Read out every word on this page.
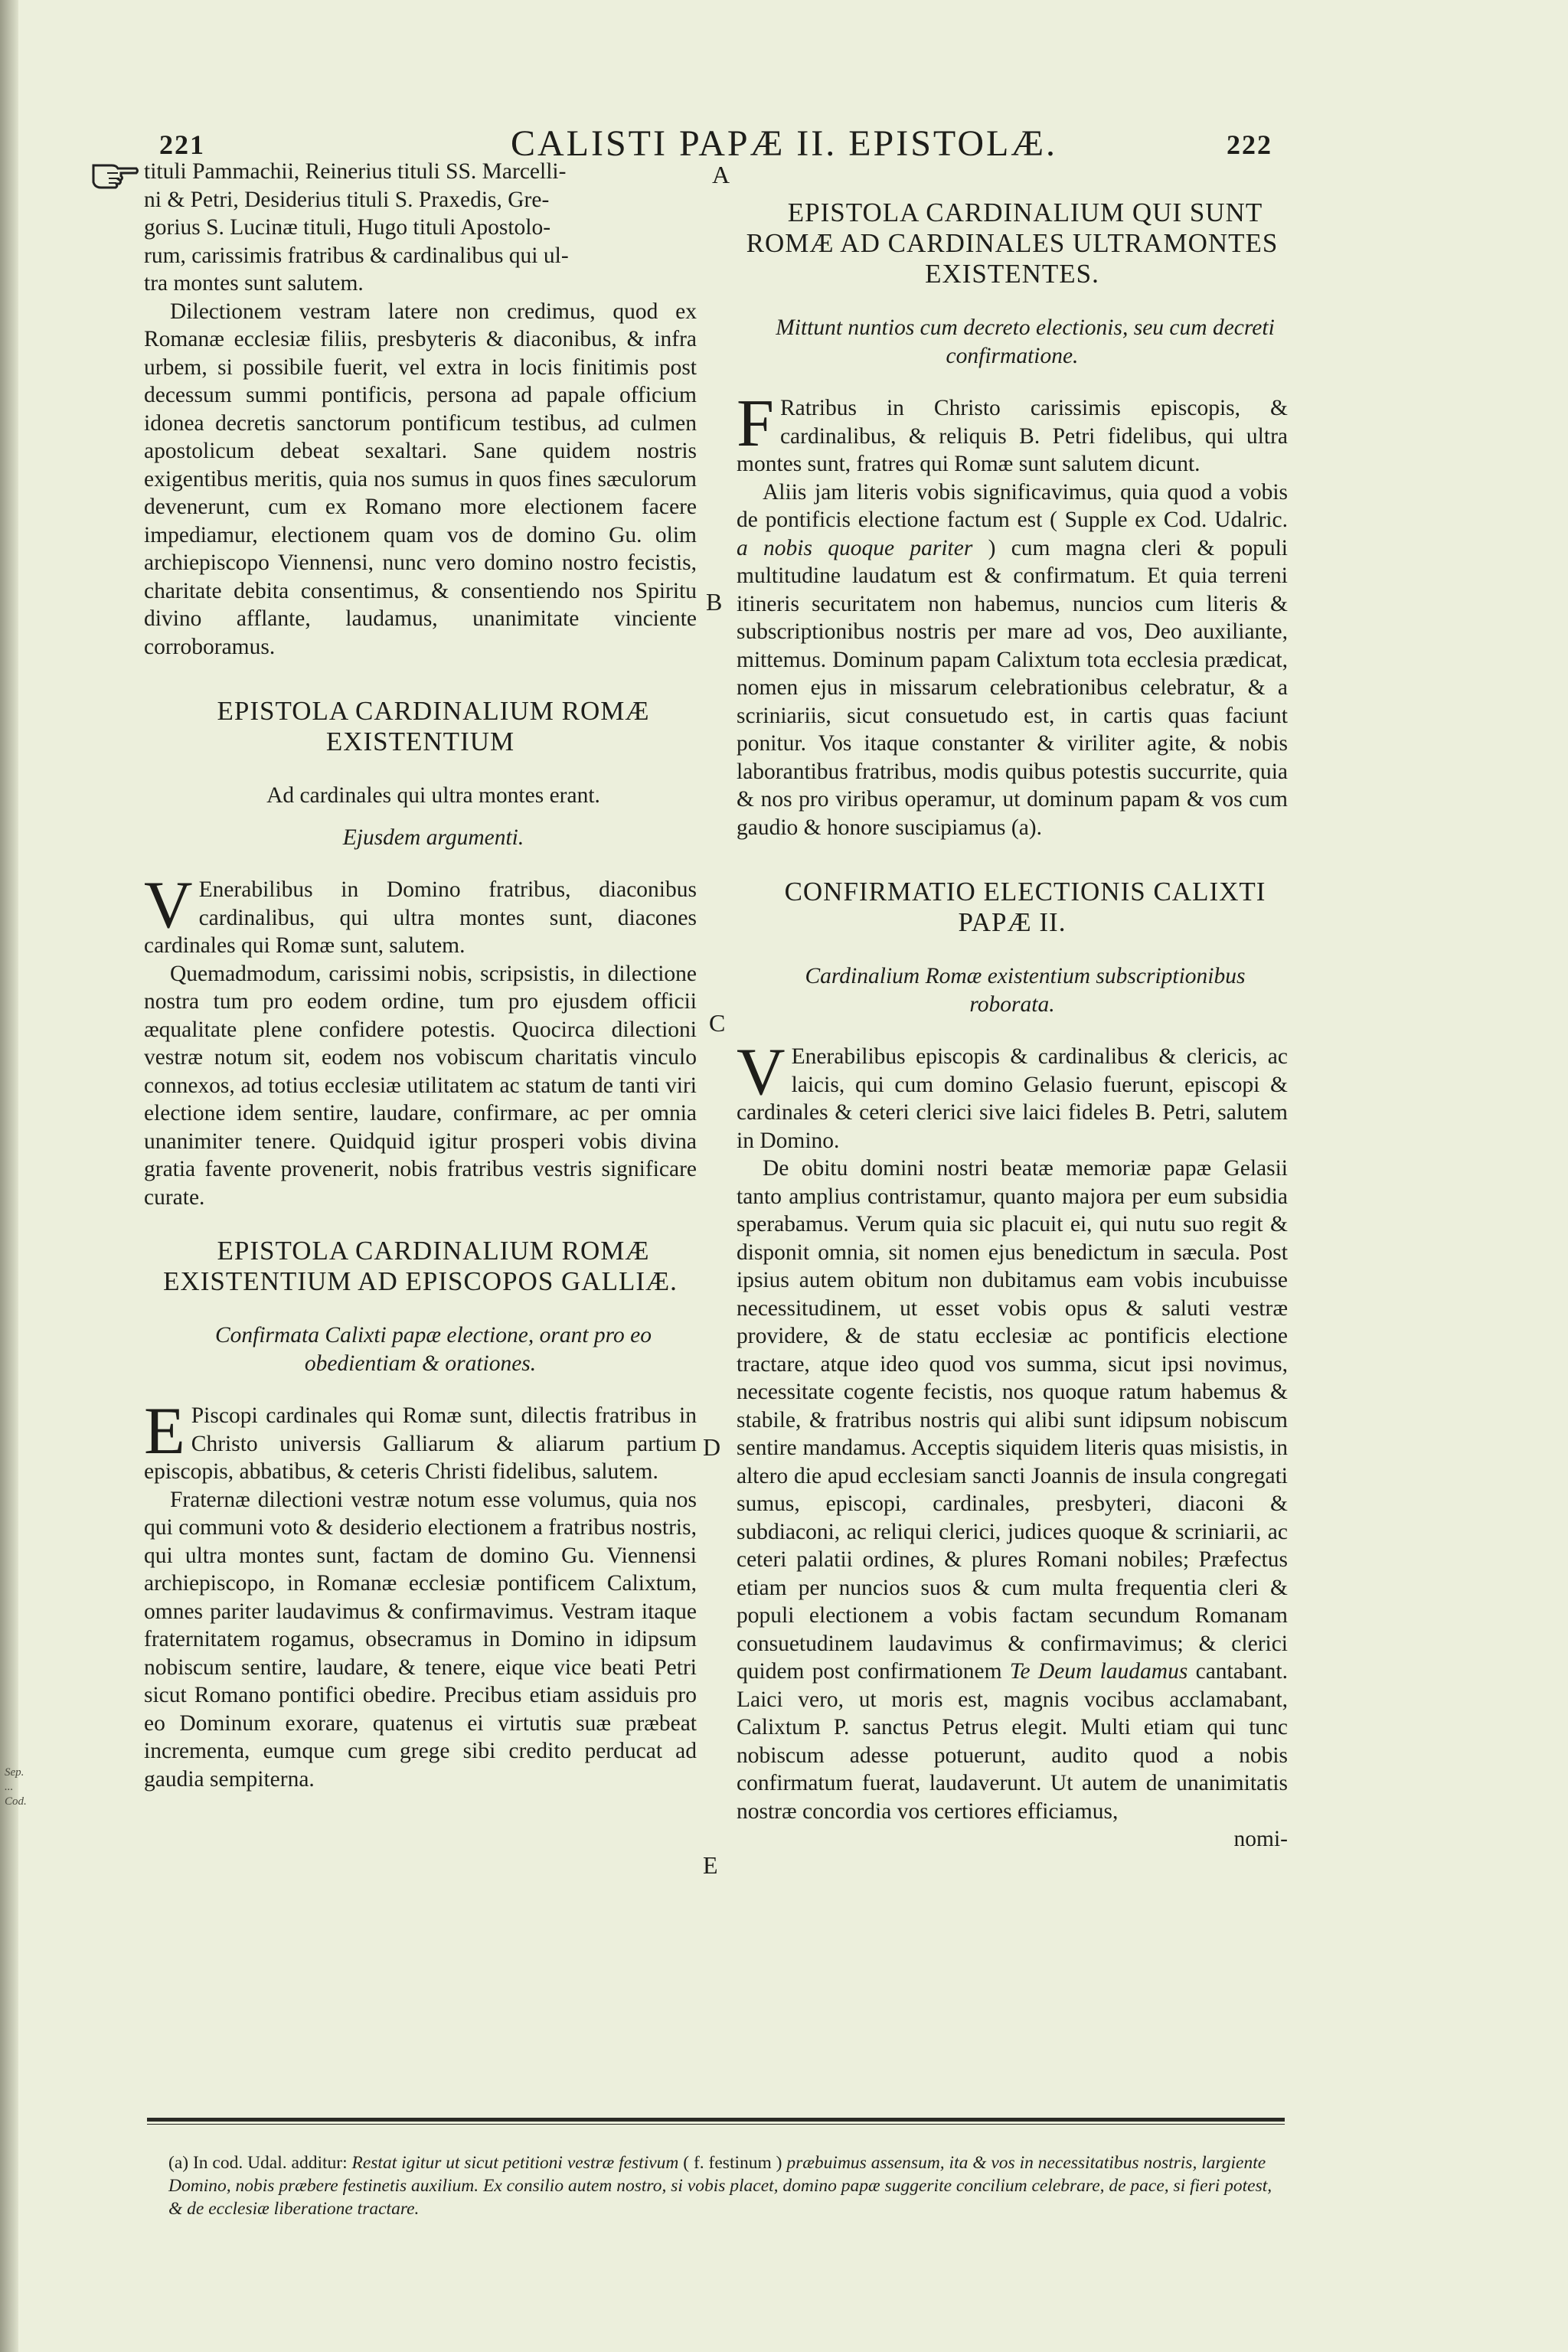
221	CALISTI PAPÆ II. EPISTOLÆ.	222
A
B
C
D
E
Sep. ... Cod.
tituli Pammachii, Reinerius tituli SS. Marcelli-
ni & Petri, Desiderius tituli S. Praxedis, Gre-
gorius S. Lucinæ tituli, Hugo tituli Apostolo-
rum, carissimis fratribus & cardinalibus qui ul-
tra montes sunt salutem.

Dilectionem vestram latere non credimus, quod ex Romanæ ecclesiæ filiis, presbyteris & diaconibus, & infra urbem, si possibile fuerit, vel extra in locis finitimis post decessum summi pontificis, persona ad papale officium idonea decretis sanctorum pontificum testibus, ad culmen apostolicum debeat sexaltari. Sane quidem nostris exigentibus meritis, quia nos sumus in quos fines sæculorum devenerunt, cum ex Romano more electionem facere impediamur, electionem quam vos de domino Gu. olim archiepiscopo Viennensi, nunc vero domino nostro fecistis, charitate debita consentimus, & consentiendo nos Spiritu divino afflante, laudamus, unanimitate vinciente corroboramus.

EPISTOLA CARDINALIUM ROMÆ EXISTENTIUM

Ad cardinales qui ultra montes erant.

Ejusdem argumenti.

V Enerabilibus in Domino fratribus, diaconibus cardinalibus, qui ultra montes sunt, diacones cardinales qui Romæ sunt, salutem.

Quemadmodum, carissimi nobis, scripsistis, in dilectione nostra tum pro eodem ordine, tum pro ejusdem officii æqualitate plene confidere potestis. Quocirca dilectioni vestræ notum sit, eodem nos vobiscum charitatis vinculo connexos, ad totius ecclesiæ utilitatem ac statum de tanti viri electione idem sentire, laudare, confirmare, ac per omnia unanimiter tenere. Quidquid igitur prosperi vobis divina gratia favente provenerit, nobis fratribus vestris significare curate.

EPISTOLA CARDINALIUM ROMÆ EXISTENTIUM AD EPISCOPOS GALLIÆ.

Confirmata Calixti papæ electione, orant pro eo obedientiam & orationes.

E Piscopi cardinales qui Romæ sunt, dilectis fratribus in Christo universis Galliarum & aliarum partium episcopis, abbatibus, & ceteris Christi fidelibus, salutem.

Fraternæ dilectioni vestræ notum esse volumus, quia nos qui communi voto & desiderio electionem a fratribus nostris, qui ultra montes sunt, factam de domino Gu. Viennensi archiepiscopo, in Romanæ ecclesiæ pontificem Calixtum, omnes pariter laudavimus & confirmavimus. Vestram itaque fraternitatem rogamus, obsecramus in Domino in idipsum nobiscum sentire, laudare, & tenere, eique vice beati Petri sicut Romano pontifici obedire. Precibus etiam assiduis pro eo Dominum exorare, quatenus ei virtutis suæ præbeat incrementa, eumque cum grege sibi credito perducat ad gaudia sempiterna.

EPISTOLA CARDINALIUM QUI SUNT ROMÆ AD CARDINALES ULTRAMONTES EXISTENTES.

Mittunt nuntios cum decreto electionis, seu cum decreti confirmatione.

F Ratribus in Christo carissimis episcopis, & cardinalibus, & reliquis B. Petri fidelibus, qui ultra montes sunt, fratres qui Romæ sunt salutem dicunt.

Aliis jam literis vobis significavimus, quia quod a vobis de pontificis electione factum est ( Supple ex Cod. Udalric. a nobis quoque pariter ) cum magna cleri & populi multitudine laudatum est & confirmatum. Et quia terreni itineris securitatem non habemus, nuncios cum literis & subscriptionibus nostris per mare ad vos, Deo auxiliante, mittemus. Dominum papam Calixtum tota ecclesia prædicat, nomen ejus in missarum celebrationibus celebratur, & a scriniariis, sicut consuetudo est, in cartis quas faciunt ponitur. Vos itaque constanter & viriliter agite, & nobis laborantibus fratribus, modis quibus potestis succurrite, quia & nos pro viribus operamur, ut dominum papam & vos cum gaudio & honore suscipiamus (a).

CONFIRMATIO ELECTIONIS CALIXTI PAPÆ II.

Cardinalium Romæ existentium subscriptionibus roborata.

V Enerabilibus episcopis & cardinalibus & clericis, ac laicis, qui cum domino Gelasio fuerunt, episcopi & cardinales & ceteri clerici sive laici fideles B. Petri, salutem in Domino.

De obitu domini nostri beatæ memoriæ papæ Gelasii tanto amplius contristamur, quanto majora per eum subsidia sperabamus. Verum quia sic placuit ei, qui nutu suo regit & disponit omnia, sit nomen ejus benedictum in sæcula. Post ipsius autem obitum non dubitamus eam vobis incubuisse necessitudinem, ut esset vobis opus & saluti vestræ providere, & de statu ecclesiæ ac pontificis electione tractare, atque ideo quod vos summa, sicut ipsi novimus, necessitate cogente fecistis, nos quoque ratum habemus & stabile, & fratribus nostris qui alibi sunt idipsum nobiscum sentire mandamus. Acceptis siquidem literis quas misistis, in altero die apud ecclesiam sancti Joannis de insula congregati sumus, episcopi, cardinales, presbyteri, diaconi & subdiaconi, ac reliqui clerici, judices quoque & scriniarii, ac ceteri palatii ordines, & plures Romani nobiles; Præfectus etiam per nuncios suos & cum multa frequentia cleri & populi electionem a vobis factam secundum Romanam consuetudinem laudavimus & confirmavimus; & clerici quidem post confirmationem Te Deum laudamus cantabant. Laici vero, ut moris est, magnis vocibus acclamabant, Calixtum P. sanctus Petrus elegit. Multi etiam qui tunc nobiscum adesse potuerunt, audito quod a nobis confirmatum fuerat, laudaverunt. Ut autem de unanimitatis nostræ concordia vos certiores efficiamus,

nomi-
(a) In cod. Udal. additur: Restat igitur ut sicut petitioni vestræ festivum ( f. festinum ) præbuimus assensum, ita & vos in necessitatibus nostris, largiente Domino, nobis præbere festinetis auxilium. Ex consilio autem nostro, si vobis placet, domino papæ suggerite concilium celebrare, de pace, si fieri potest, & de ecclesiæ liberatione tractare.
